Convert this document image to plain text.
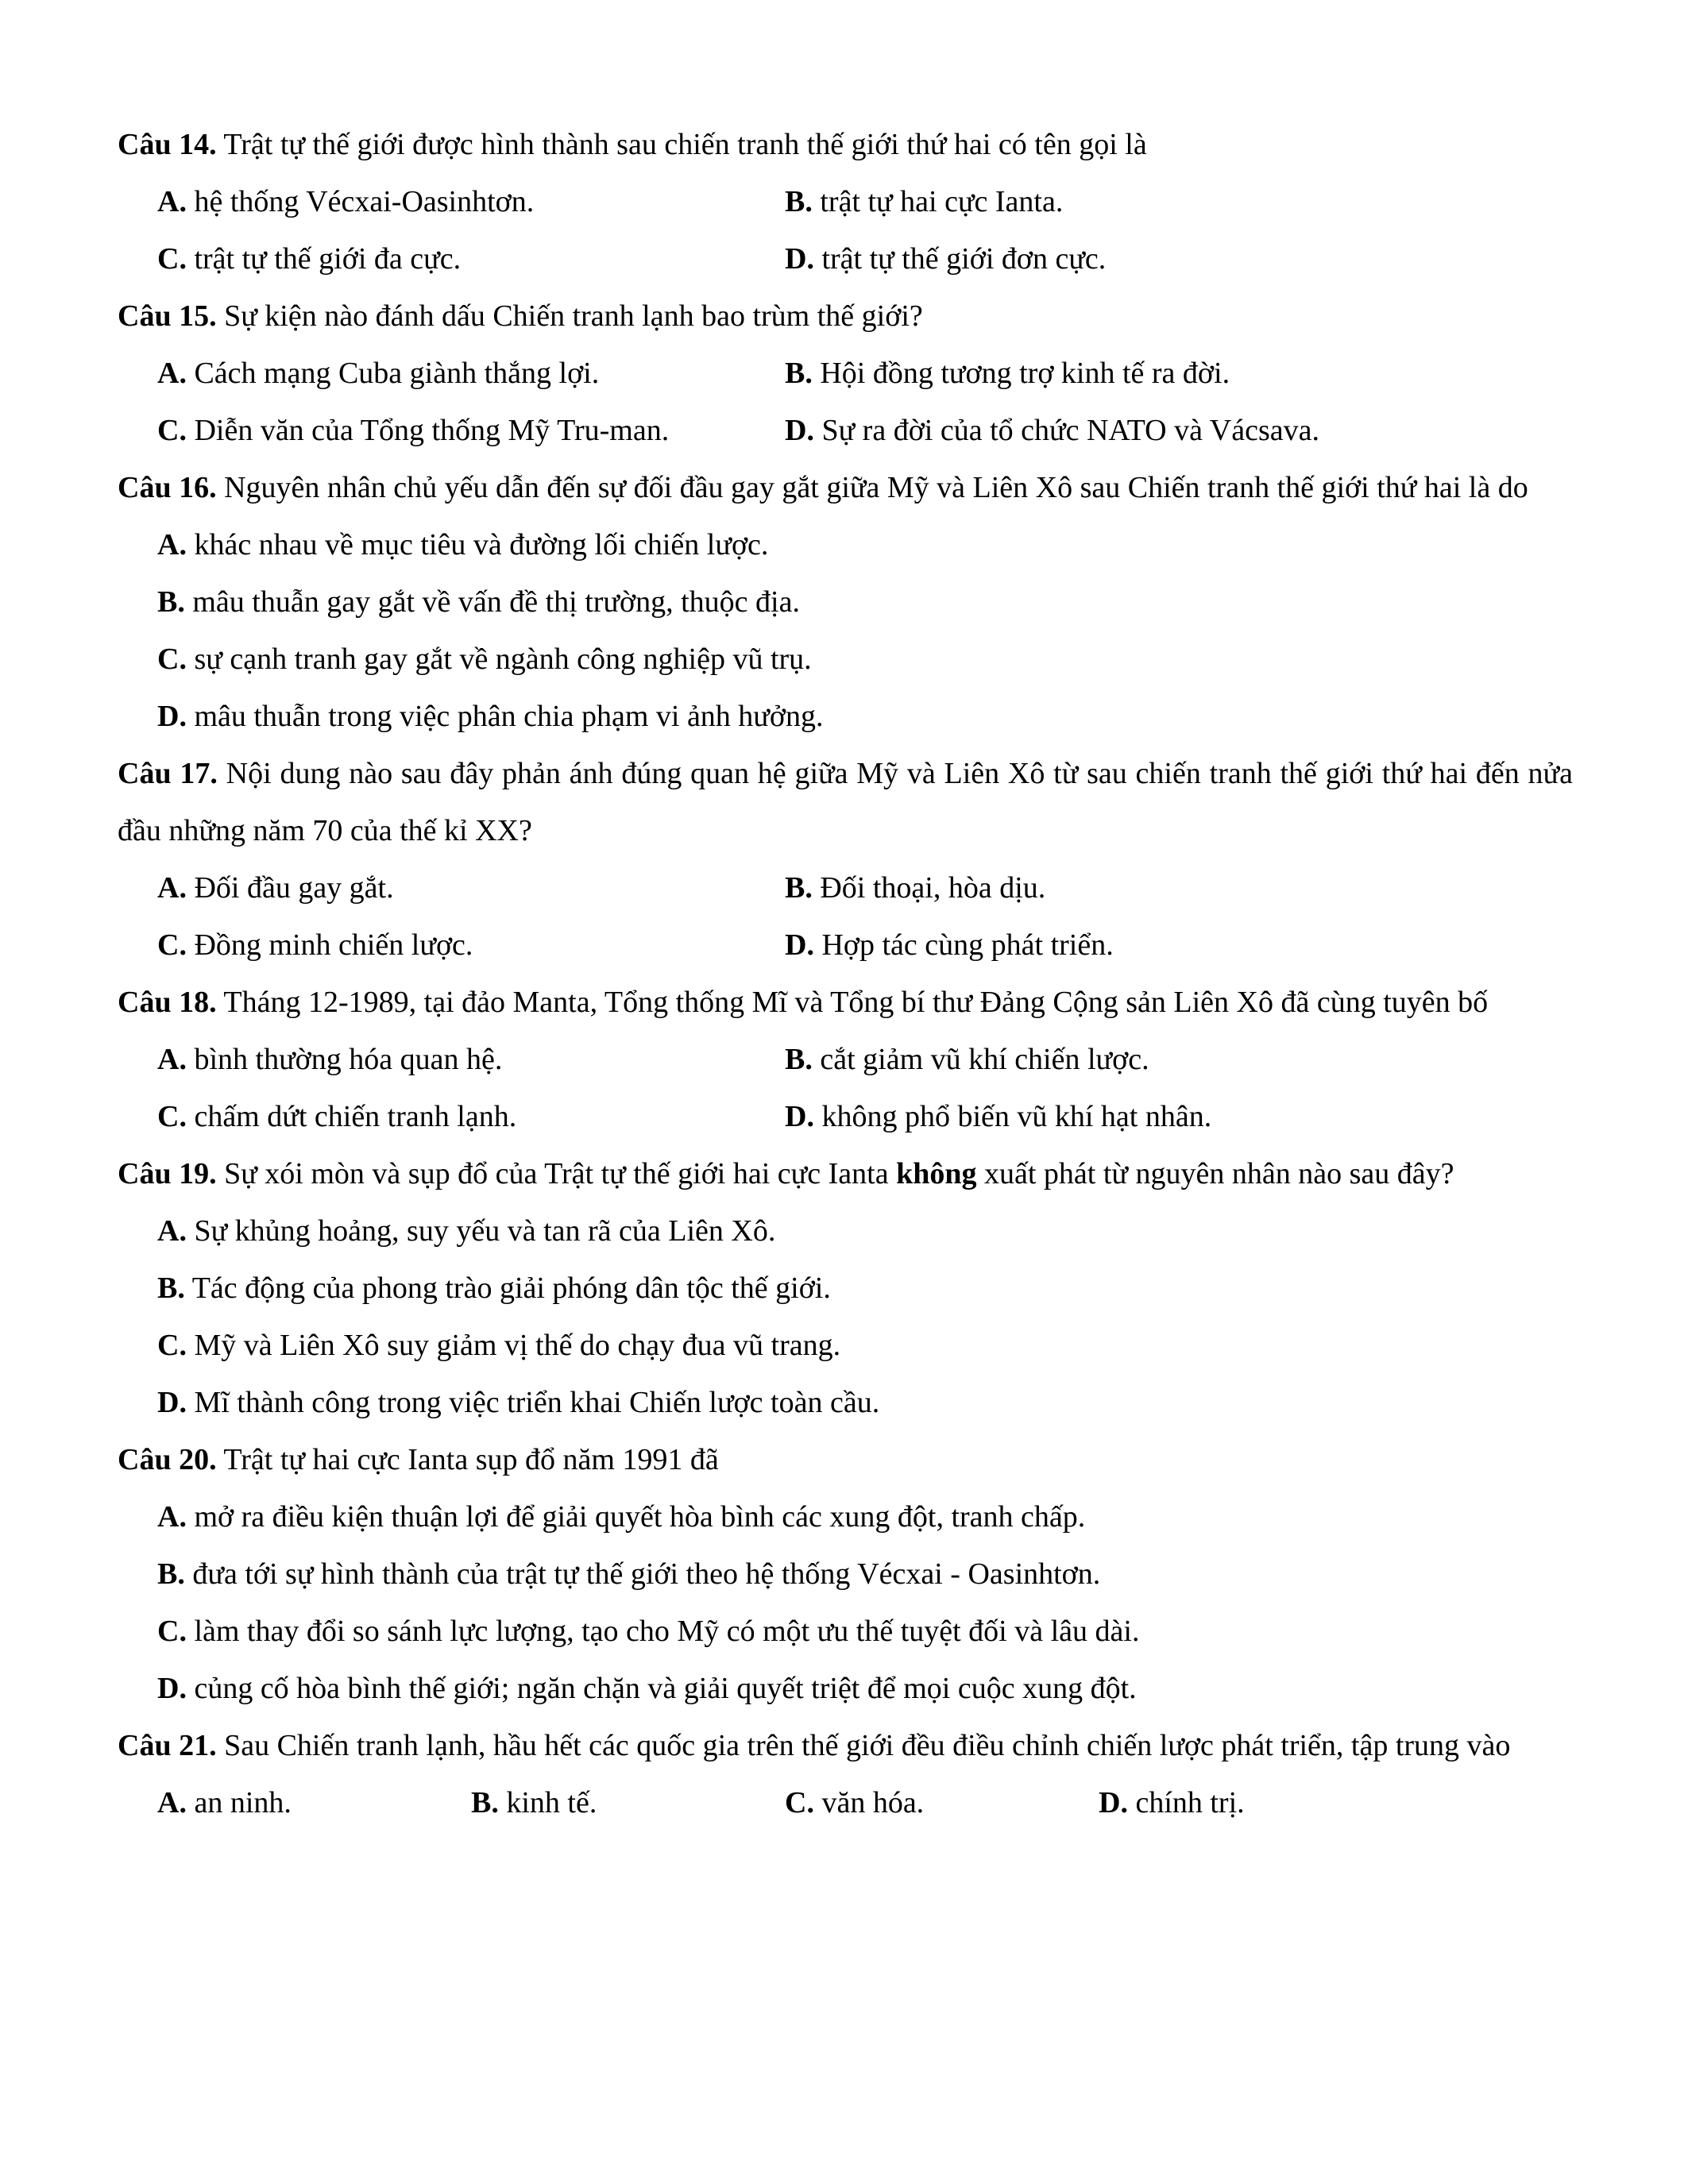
Câu 14. Trật tự thế giới được hình thành sau chiến tranh thế giới thứ hai có tên gọi là

A. hệ thống Vécxai-Oasinhtơn.	B. trật tự hai cực Ianta.
C. trật tự thế giới đa cực.	D. trật tự thế giới đơn cực.

Câu 15. Sự kiện nào đánh dấu Chiến tranh lạnh bao trùm thế giới?

A. Cách mạng Cuba giành thắng lợi.	B. Hội đồng tương trợ kinh tế ra đời.
C. Diễn văn của Tổng thống Mỹ Tru-man.	D. Sự ra đời của tổ chức NATO và Vácsava.

Câu 16. Nguyên nhân chủ yếu dẫn đến sự đối đầu gay gắt giữa Mỹ và Liên Xô sau Chiến tranh thế giới thứ hai là do

A. khác nhau về mục tiêu và đường lối chiến lược.
B. mâu thuẫn gay gắt về vấn đề thị trường, thuộc địa.
C. sự cạnh tranh gay gắt về ngành công nghiệp vũ trụ.
D. mâu thuẫn trong việc phân chia phạm vi ảnh hưởng.

Câu 17. Nội dung nào sau đây phản ánh đúng quan hệ giữa Mỹ và Liên Xô từ sau chiến tranh thế giới thứ hai đến nửa đầu những năm 70 của thế kỉ XX?

A. Đối đầu gay gắt.	B. Đối thoại, hòa dịu.
C. Đồng minh chiến lược.	D. Hợp tác cùng phát triển.

Câu 18. Tháng 12-1989, tại đảo Manta, Tổng thống Mĩ và Tổng bí thư Đảng Cộng sản Liên Xô đã cùng tuyên bố

A. bình thường hóa quan hệ.	B. cắt giảm vũ khí chiến lược.
C. chấm dứt chiến tranh lạnh.	D. không phổ biến vũ khí hạt nhân.

Câu 19. Sự xói mòn và sụp đổ của Trật tự thế giới hai cực Ianta không xuất phát từ nguyên nhân nào sau đây?

A. Sự khủng hoảng, suy yếu và tan rã của Liên Xô.
B. Tác động của phong trào giải phóng dân tộc thế giới.
C. Mỹ và Liên Xô suy giảm vị thế do chạy đua vũ trang.
D. Mĩ thành công trong việc triển khai Chiến lược toàn cầu.

Câu 20. Trật tự hai cực Ianta sụp đổ năm 1991 đã

A. mở ra điều kiện thuận lợi để giải quyết hòa bình các xung đột, tranh chấp.
B. đưa tới sự hình thành của trật tự thế giới theo hệ thống Vécxai - Oasinhtơn.
C. làm thay đổi so sánh lực lượng, tạo cho Mỹ có một ưu thế tuyệt đối và lâu dài.
D. củng cố hòa bình thế giới; ngăn chặn và giải quyết triệt để mọi cuộc xung đột.

Câu 21. Sau Chiến tranh lạnh, hầu hết các quốc gia trên thế giới đều điều chỉnh chiến lược phát triển, tập trung vào

A. an ninh.	B. kinh tế.	C. văn hóa.	D. chính trị.
